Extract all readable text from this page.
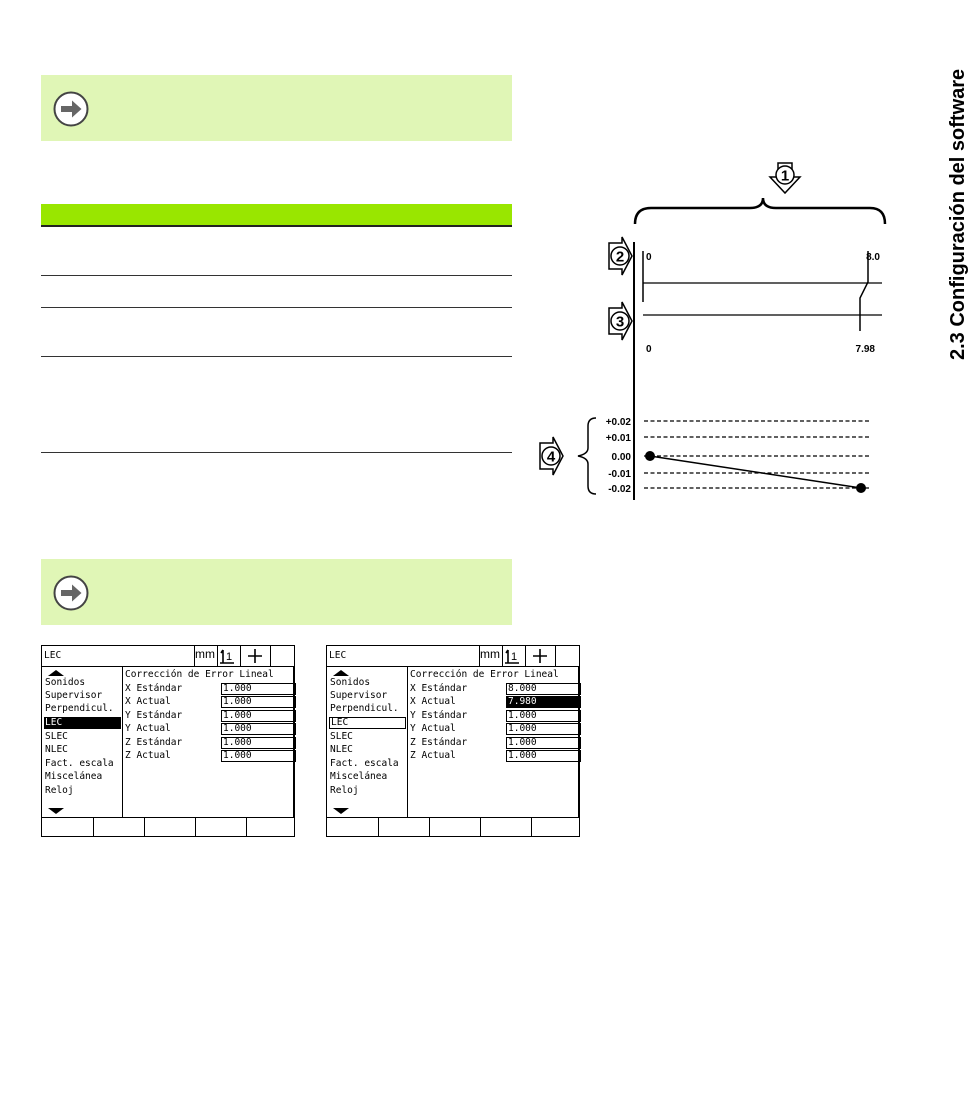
2.3 Configuración del software
1
2
3
0	8.0
0	7.98
+0.02
+0.01
0.00
-0.01
-0.02
4
LEC	mm 1
Sonidos
Supervisor
Perpendicul.
LEC
SLEC
NLEC
Fact. escala
Miscelánea
Reloj
Corrección de Error Lineal
X Estándar	1.000
X Actual	1.000
Y Estándar	1.000
Y Actual	1.000
Z Estándar	1.000
Z Actual	1.000
LEC	mm 1
Sonidos
Supervisor
Perpendicul.
LEC
SLEC
NLEC
Fact. escala
Miscelánea
Reloj
Corrección de Error Lineal
X Estándar	8.000
X Actual	7.980
Y Estándar	1.000
Y Actual	1.000
Z Estándar	1.000
Z Actual	1.000
